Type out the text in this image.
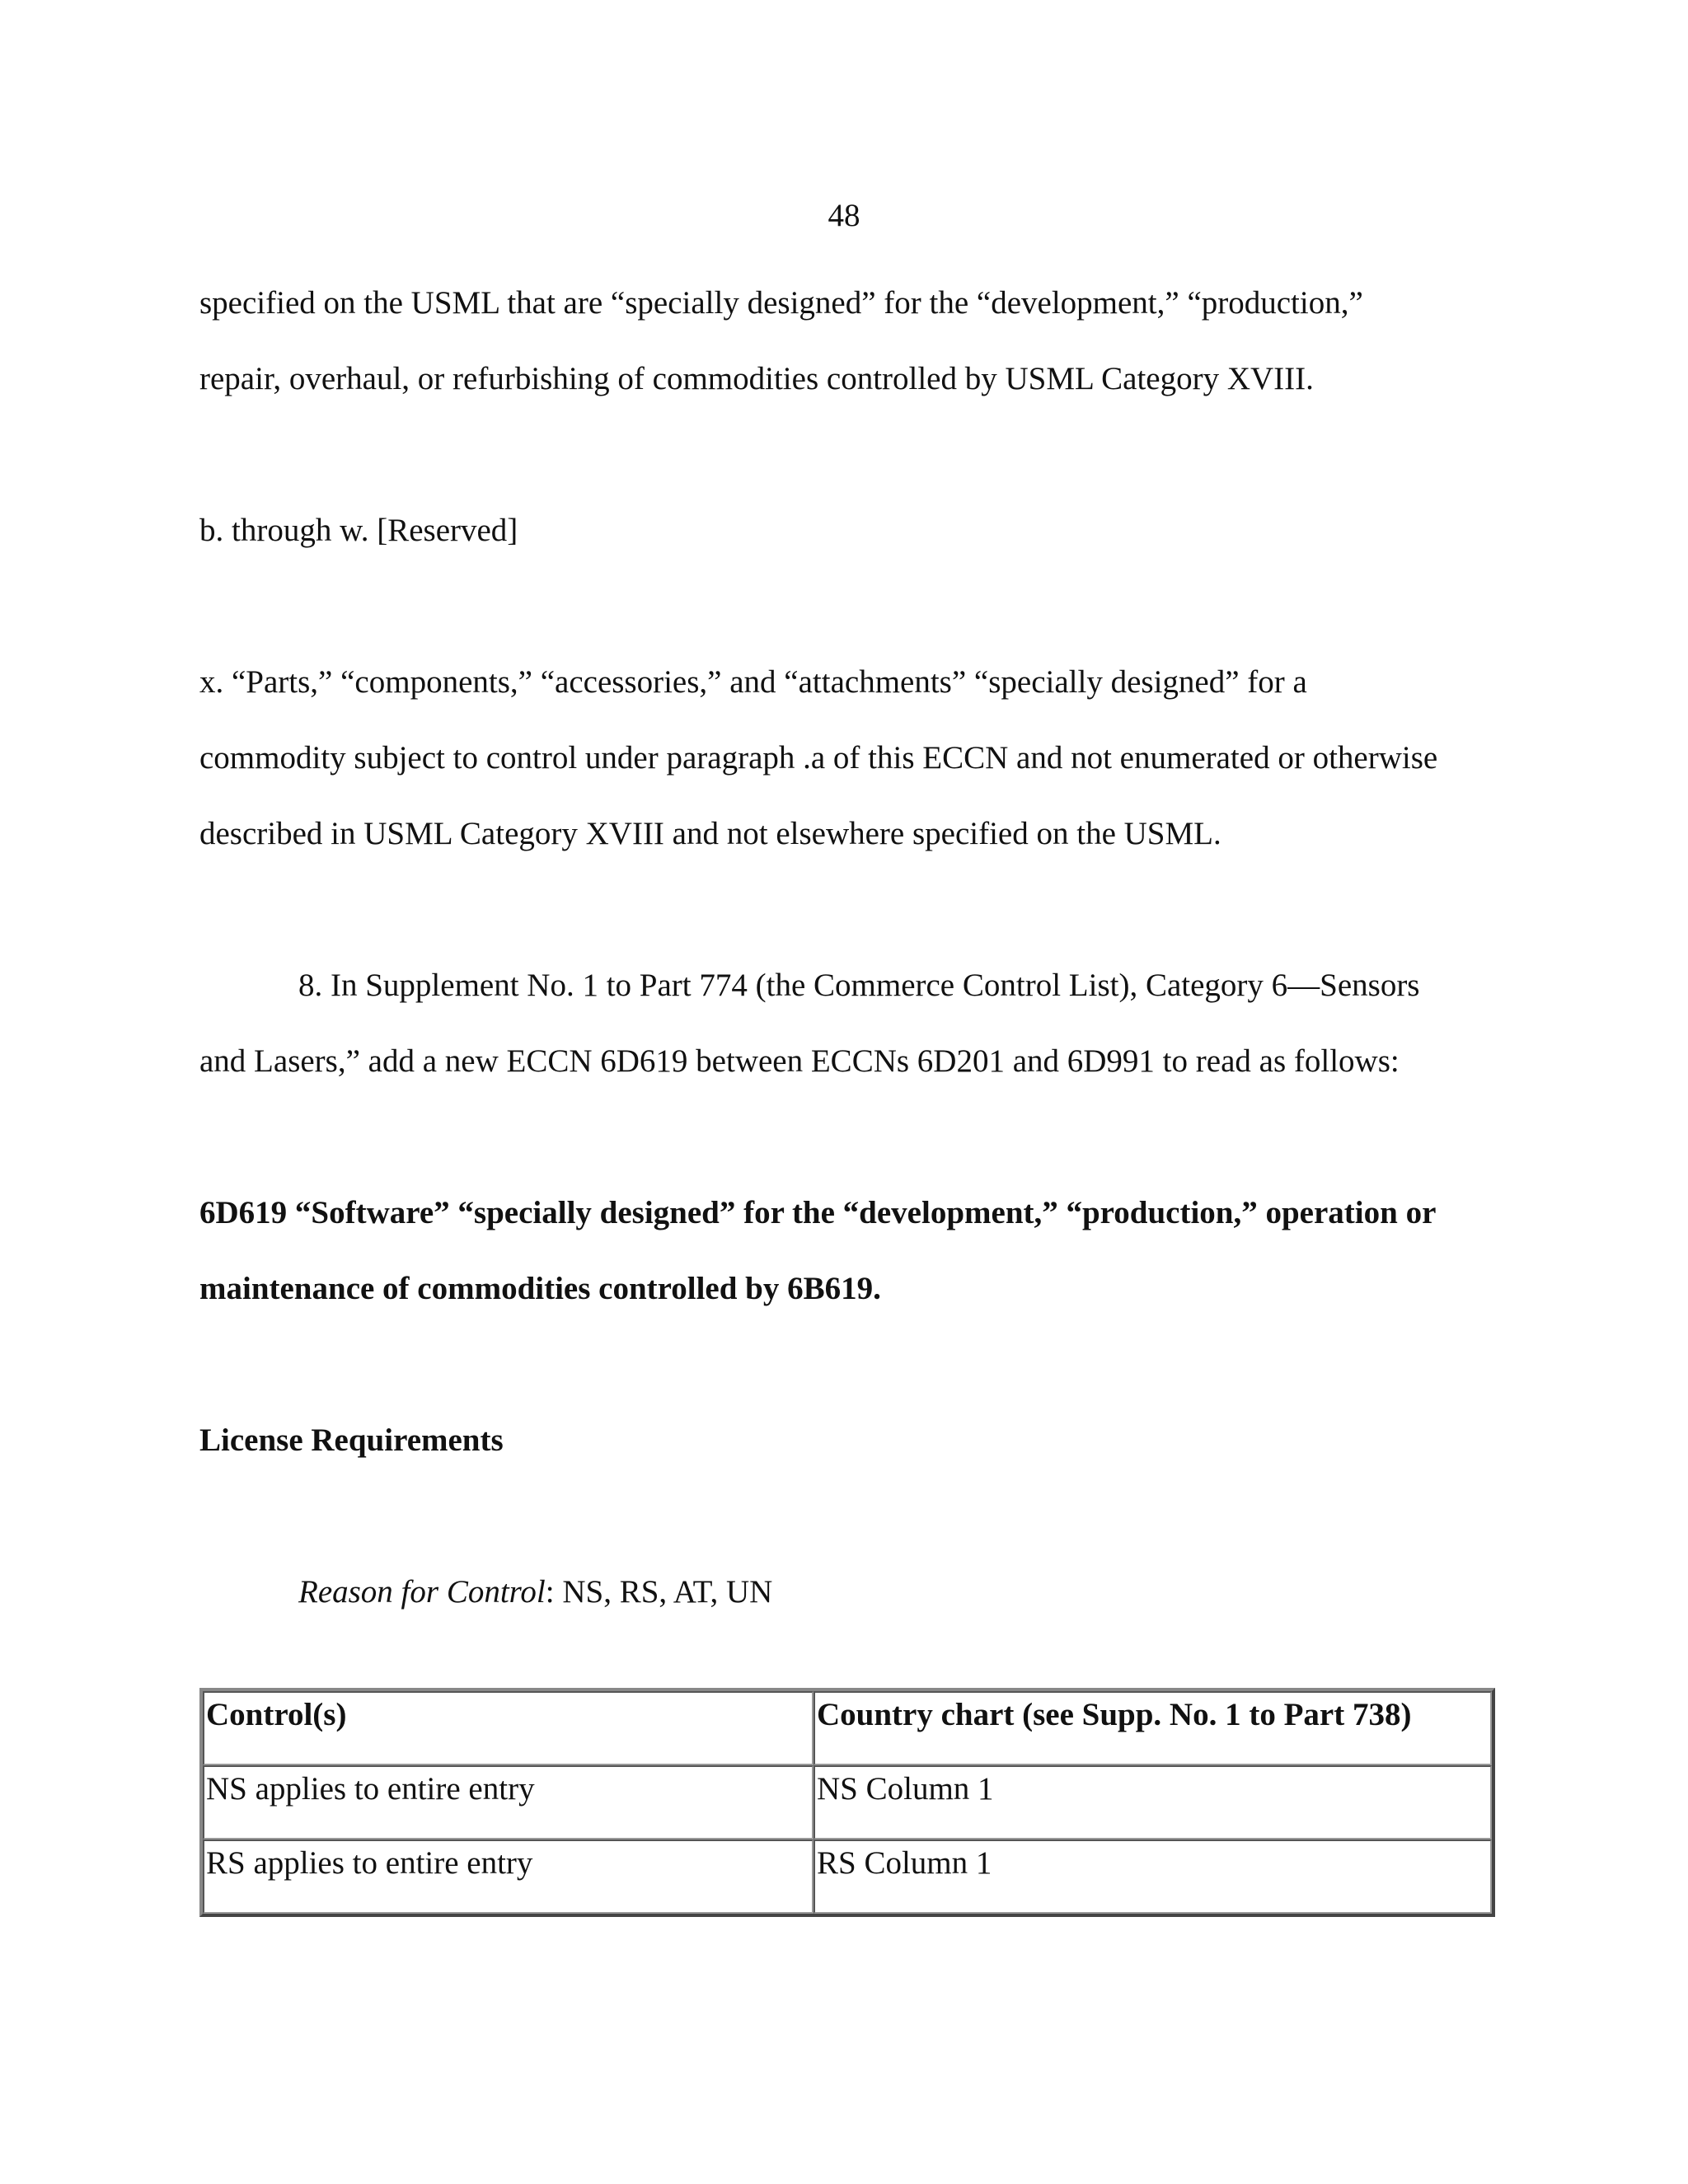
48

specified on the USML that are “specially designed” for the “development,” “production,”

repair, overhaul, or refurbishing of commodities controlled by USML Category XVIII.

b. through w. [Reserved]

x. “Parts,” “components,” “accessories,” and “attachments” “specially designed” for a

commodity subject to control under paragraph .a of this ECCN and not enumerated or otherwise

described in USML Category XVIII and not elsewhere specified on the USML.

8. In Supplement No. 1 to Part 774 (the Commerce Control List), Category 6—Sensors

and Lasers,” add a new ECCN 6D619 between ECCNs 6D201 and 6D991 to read as follows:

6D619 “Software” “specially designed” for the “development,” “production,” operation or

maintenance of commodities controlled by 6B619.

License Requirements

Reason for Control: NS, RS, AT, UN

Control(s)	Country chart (see Supp. No. 1 to Part 738)
NS applies to entire entry	NS Column 1
RS applies to entire entry	RS Column 1
